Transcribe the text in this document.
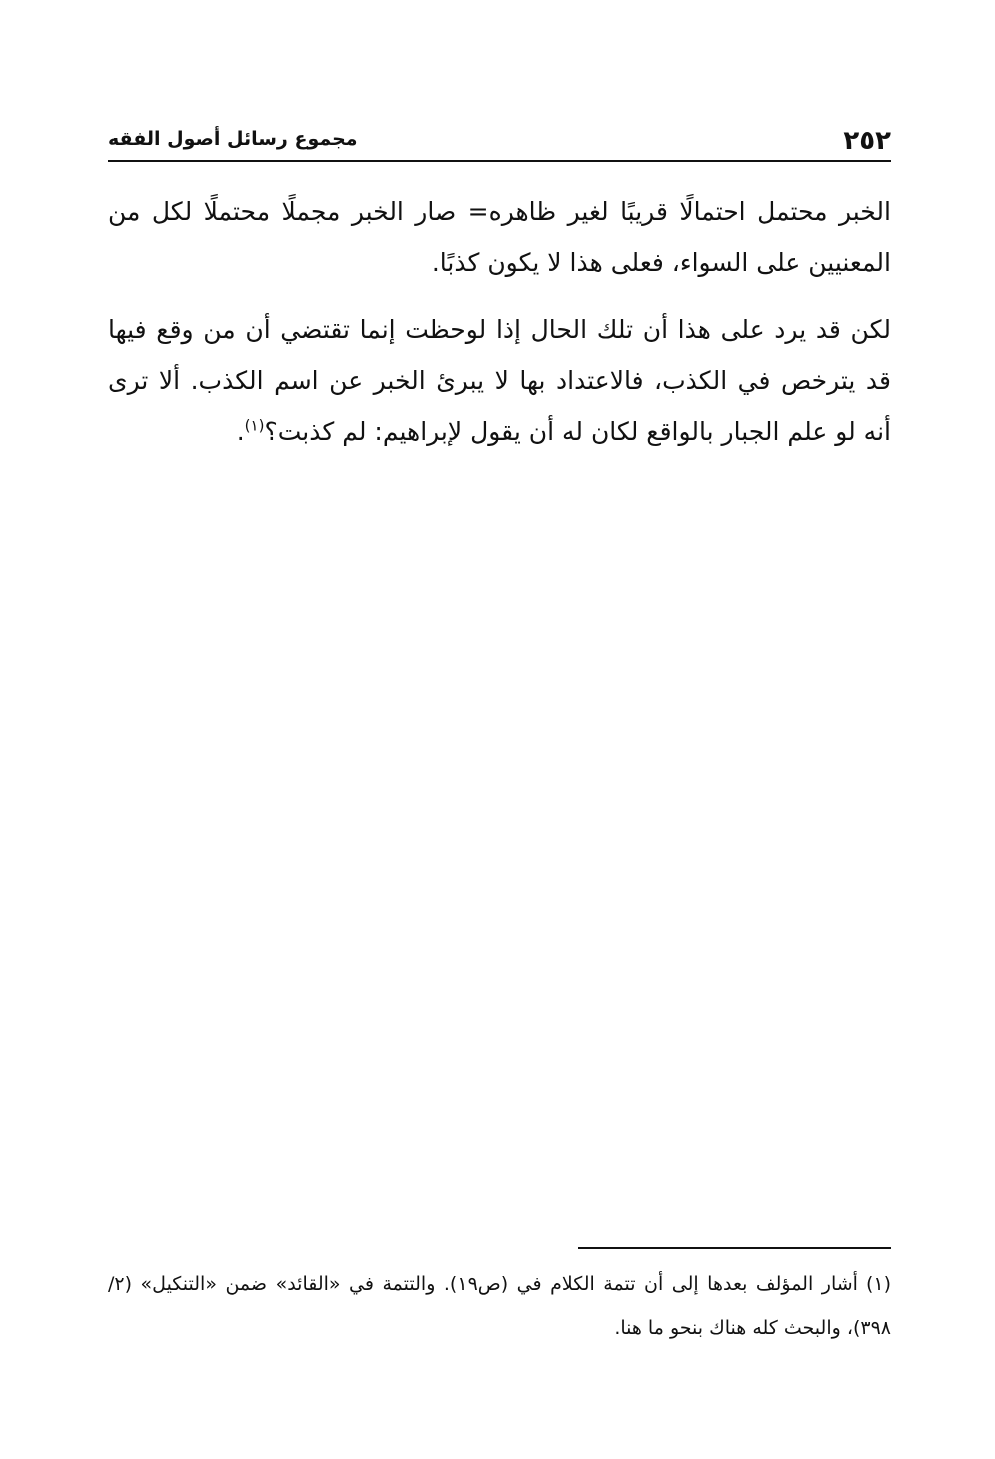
٢٥٢
مجموع رسائل أصول الفقه

الخبر محتمل احتمالًا قريبًا لغير ظاهره= صار الخبر مجملًا محتملًا لكل من المعنيين على السواء، فعلى هذا لا يكون كذبًا.

لكن قد يرد على هذا أن تلك الحال إذا لوحظت إنما تقتضي أن من وقع فيها قد يترخص في الكذب، فالاعتداد بها لا يبرئ الخبر عن اسم الكذب. ألا ترى أنه لو علم الجبار بالواقع لكان له أن يقول لإبراهيم: لم كذبت؟$^{(١)}$.

(١)أشار المؤلف بعدها إلى أن تتمة الكلام في (ص١٩). والتتمة في «القائد» ضمن «التنكيل» (٢/ ٣٩٨)، والبحث كله هناك بنحو ما هنا.
